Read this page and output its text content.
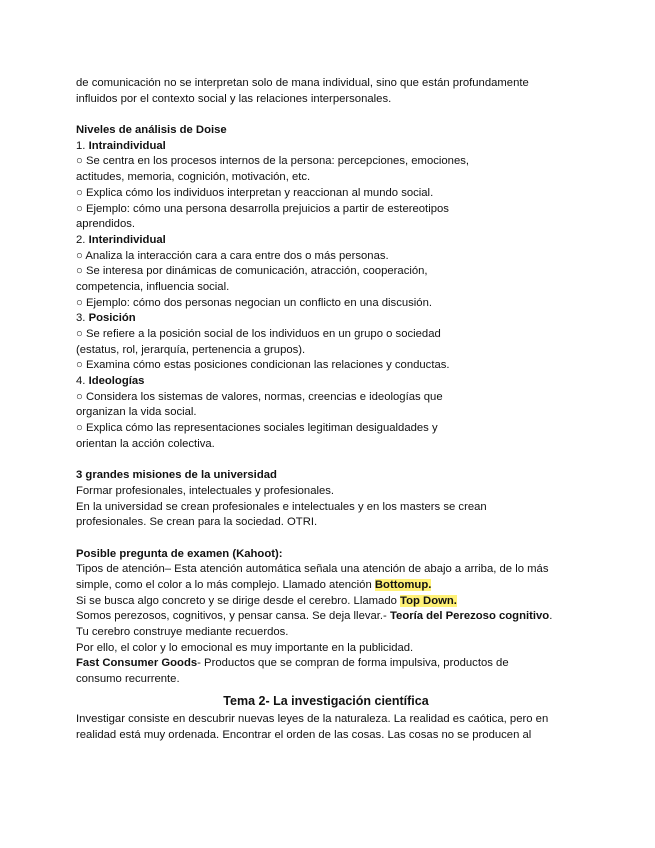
de comunicación no se interpretan solo de mana individual, sino que están profundamente
influidos por el contexto social y las relaciones interpersonales.
Niveles de análisis de Doise
1. Intraindividual
○ Se centra en los procesos internos de la persona: percepciones, emociones,
actitudes, memoria, cognición, motivación, etc.
○ Explica cómo los individuos interpretan y reaccionan al mundo social.
○ Ejemplo: cómo una persona desarrolla prejuicios a partir de estereotipos
aprendidos.
2. Interindividual
○ Analiza la interacción cara a cara entre dos o más personas.
○ Se interesa por dinámicas de comunicación, atracción, cooperación,
competencia, influencia social.
○ Ejemplo: cómo dos personas negocian un conflicto en una discusión.
3. Posición
○ Se refiere a la posición social de los individuos en un grupo o sociedad
(estatus, rol, jerarquía, pertenencia a grupos).
○ Examina cómo estas posiciones condicionan las relaciones y conductas.
4. Ideologías
○ Considera los sistemas de valores, normas, creencias e ideologías que
organizan la vida social.
○ Explica cómo las representaciones sociales legitiman desigualdades y
orientan la acción colectiva.
3 grandes misiones de la universidad
Formar profesionales, intelectuales y profesionales.
En la universidad se crean profesionales e intelectuales y en los masters se crean
profesionales. Se crean para la sociedad. OTRI.
Posible pregunta de examen (Kahoot):
Tipos de atención– Esta atención automática señala una atención de abajo a arriba, de lo más
simple, como el color a lo más complejo. Llamado atención Bottomup.
Si se busca algo concreto y se dirige desde el cerebro. Llamado Top Down.
Somos perezosos, cognitivos, y pensar cansa. Se deja llevar.- Teoría del Perezoso cognitivo.
Tu cerebro construye mediante recuerdos.
Por ello, el color y lo emocional es muy importante en la publicidad.
Fast Consumer Goods- Productos que se compran de forma impulsiva, productos de
consumo recurrente.
Tema 2- La investigación científica
Investigar consiste en descubrir nuevas leyes de la naturaleza. La realidad es caótica, pero en
realidad está muy ordenada. Encontrar el orden de las cosas. Las cosas no se producen al
